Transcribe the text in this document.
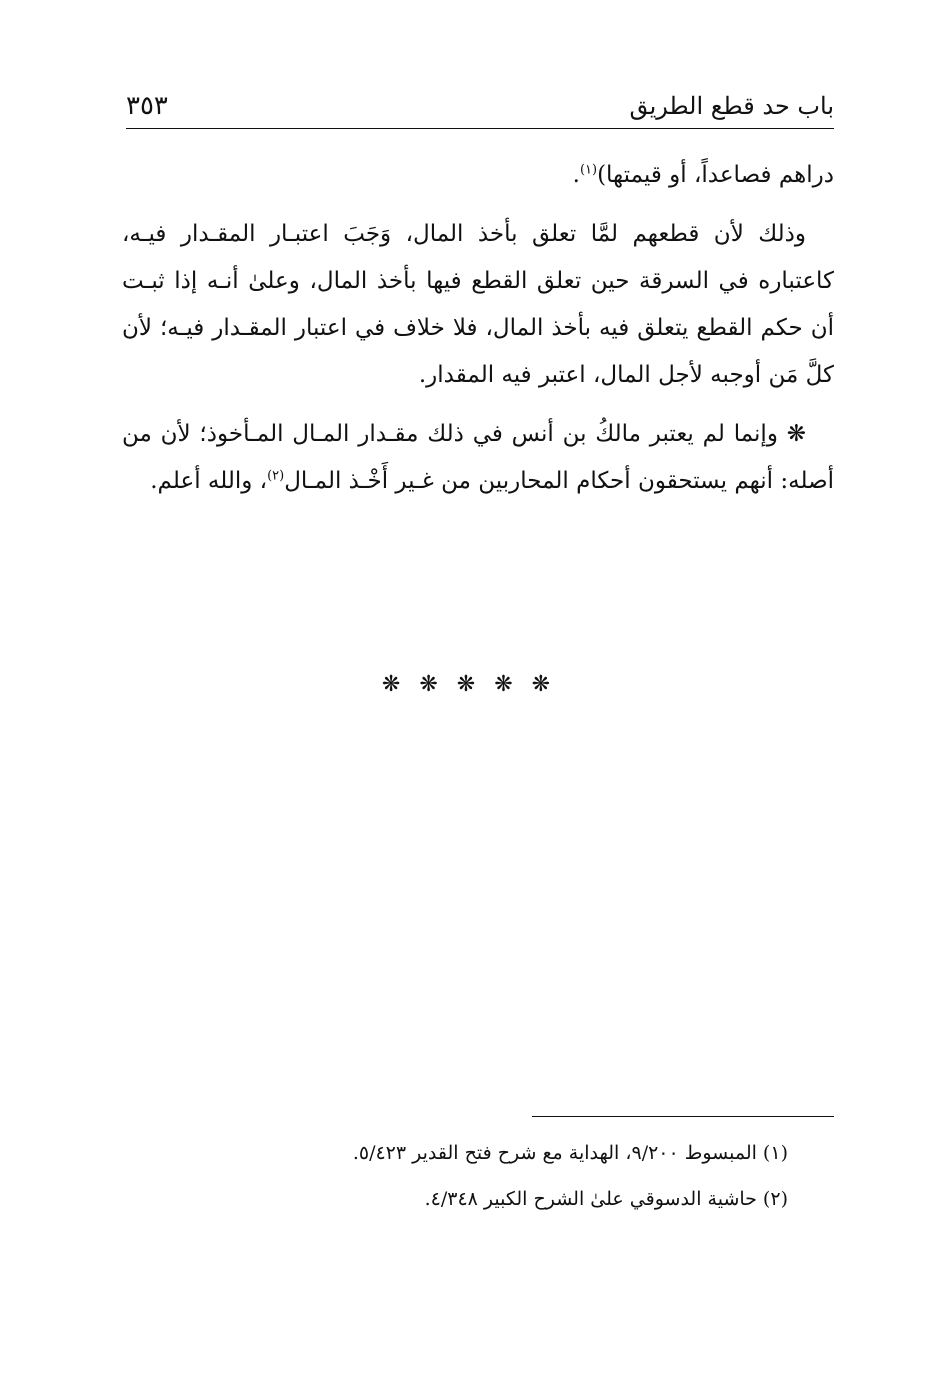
باب حد قطع الطريق
٣٥٣

دراهم فصاعداً، أو قيمتها)$^{(١)}$.

وذلك لأن قطعهم لمَّا تعلق بأخذ المال، وَجَبَ اعتبـار المقـدار فيـه، كاعتباره في السرقة حين تعلق القطع فيها بأخذ المال، وعلىٰ أنـه إذا ثبـت أن حكم القطع يتعلق فيه بأخذ المال، فلا خلاف في اعتبار المقـدار فيـه؛ لأن كلَّ مَن أوجبه لأجل المال، اعتبر فيه المقدار.

❋ وإنما لم يعتبر مالكُ بن أنس في ذلك مقـدار المـال المـأخوذ؛ لأن من أصله: أنهم يستحقون أحكام المحاربين من غـير أَخْـذ المـال$^{(٢)}$، والله أعلم.

❋ ❋ ❋ ❋ ❋

(١) المبسوط ٩/٢٠٠، الهداية مع شرح فتح القدير ٥/٤٢٣.

(٢) حاشية الدسوقي علىٰ الشرح الكبير ٤/٣٤٨.
